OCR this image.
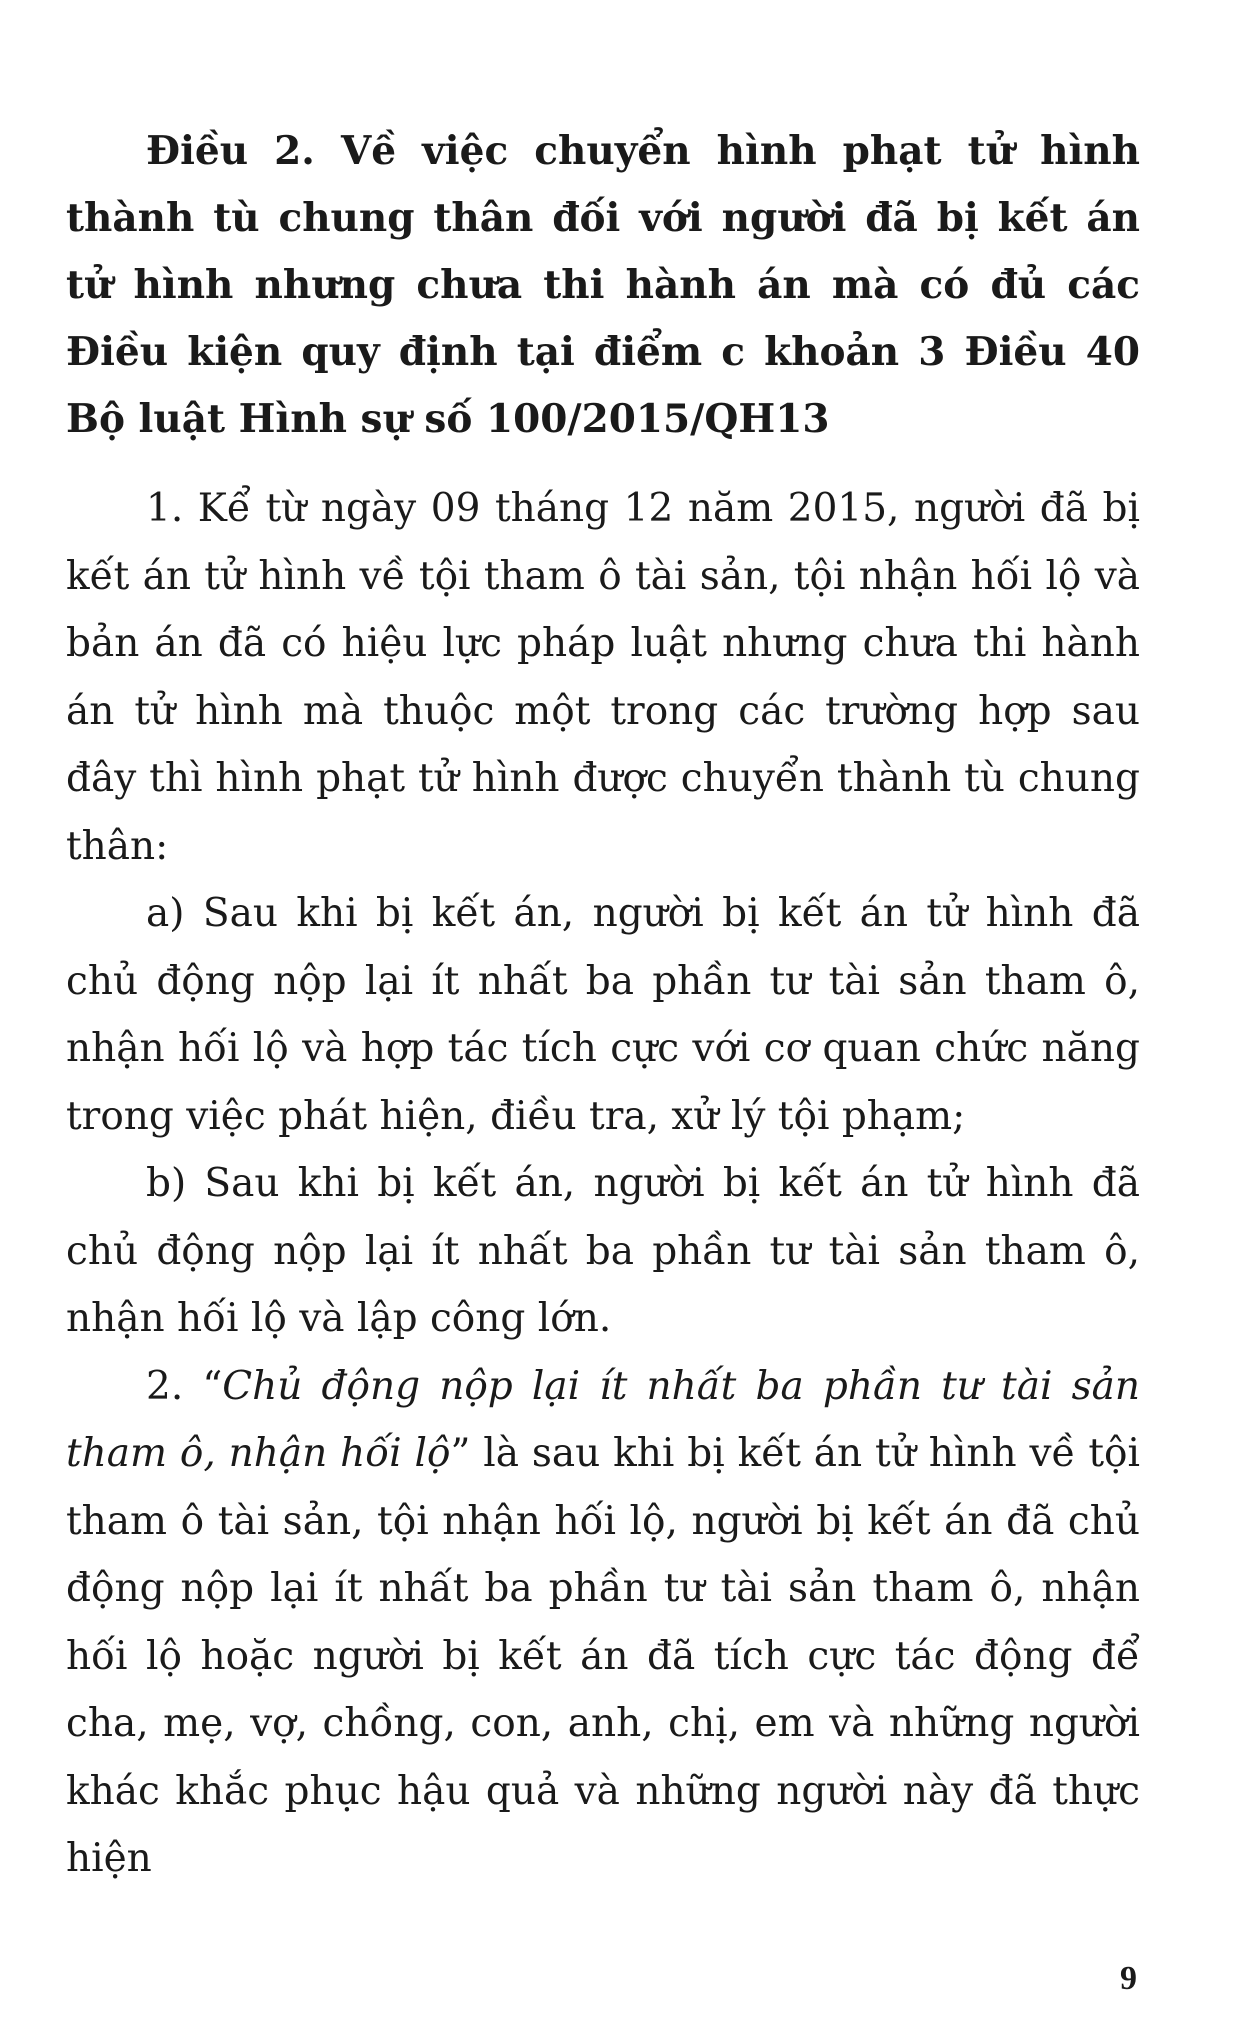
Điều 2. Về việc chuyển hình phạt tử hình thành tù chung thân đối với người đã bị kết án tử hình nhưng chưa thi hành án mà có đủ các Điều kiện quy định tại điểm c khoản 3 Điều 40 Bộ luật Hình sự số 100/2015/QH13

1. Kể từ ngày 09 tháng 12 năm 2015, người đã bị kết án tử hình về tội tham ô tài sản, tội nhận hối lộ và bản án đã có hiệu lực pháp luật nhưng chưa thi hành án tử hình mà thuộc một trong các trường hợp sau đây thì hình phạt tử hình được chuyển thành tù chung thân:

a) Sau khi bị kết án, người bị kết án tử hình đã chủ động nộp lại ít nhất ba phần tư tài sản tham ô, nhận hối lộ và hợp tác tích cực với cơ quan chức năng trong việc phát hiện, điều tra, xử lý tội phạm;

b) Sau khi bị kết án, người bị kết án tử hình đã chủ động nộp lại ít nhất ba phần tư tài sản tham ô, nhận hối lộ và lập công lớn.

2. “Chủ động nộp lại ít nhất ba phần tư tài sản tham ô, nhận hối lộ” là sau khi bị kết án tử hình về tội tham ô tài sản, tội nhận hối lộ, người bị kết án đã chủ động nộp lại ít nhất ba phần tư tài sản tham ô, nhận hối lộ hoặc người bị kết án đã tích cực tác động để cha, mẹ, vợ, chồng, con, anh, chị, em và những người khác khắc phục hậu quả và những người này đã thực hiện

9
